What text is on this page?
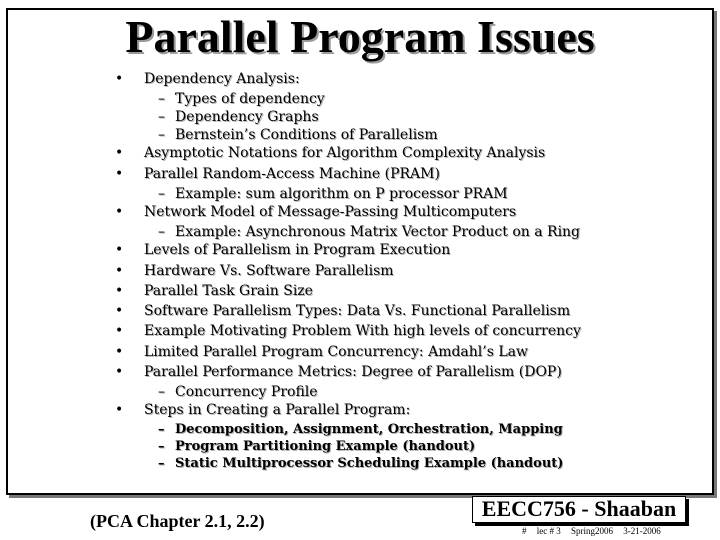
Parallel Program Issues
• Dependency Analysis:
– Types of dependency
– Dependency Graphs
– Bernstein’s Conditions of Parallelism
• Asymptotic Notations for Algorithm Complexity Analysis
• Parallel Random-Access Machine (PRAM)
– Example: sum algorithm on P processor PRAM
• Network Model of Message-Passing Multicomputers
– Example: Asynchronous Matrix Vector Product on a Ring
• Levels of Parallelism in Program Execution
• Hardware Vs. Software Parallelism
• Parallel Task Grain Size
• Software Parallelism Types: Data Vs. Functional Parallelism
• Example Motivating Problem With high levels of concurrency
• Limited Parallel Program Concurrency: Amdahl’s Law
• Parallel Performance Metrics: Degree of Parallelism (DOP)
– Concurrency Profile
• Steps in Creating a Parallel Program:
– Decomposition, Assignment, Orchestration, Mapping
– Program Partitioning Example (handout)
– Static Multiprocessor Scheduling Example (handout)
(PCA Chapter 2.1, 2.2)	EECC756 - Shaaban
# lec # 3 Spring2006 3-21-2006
